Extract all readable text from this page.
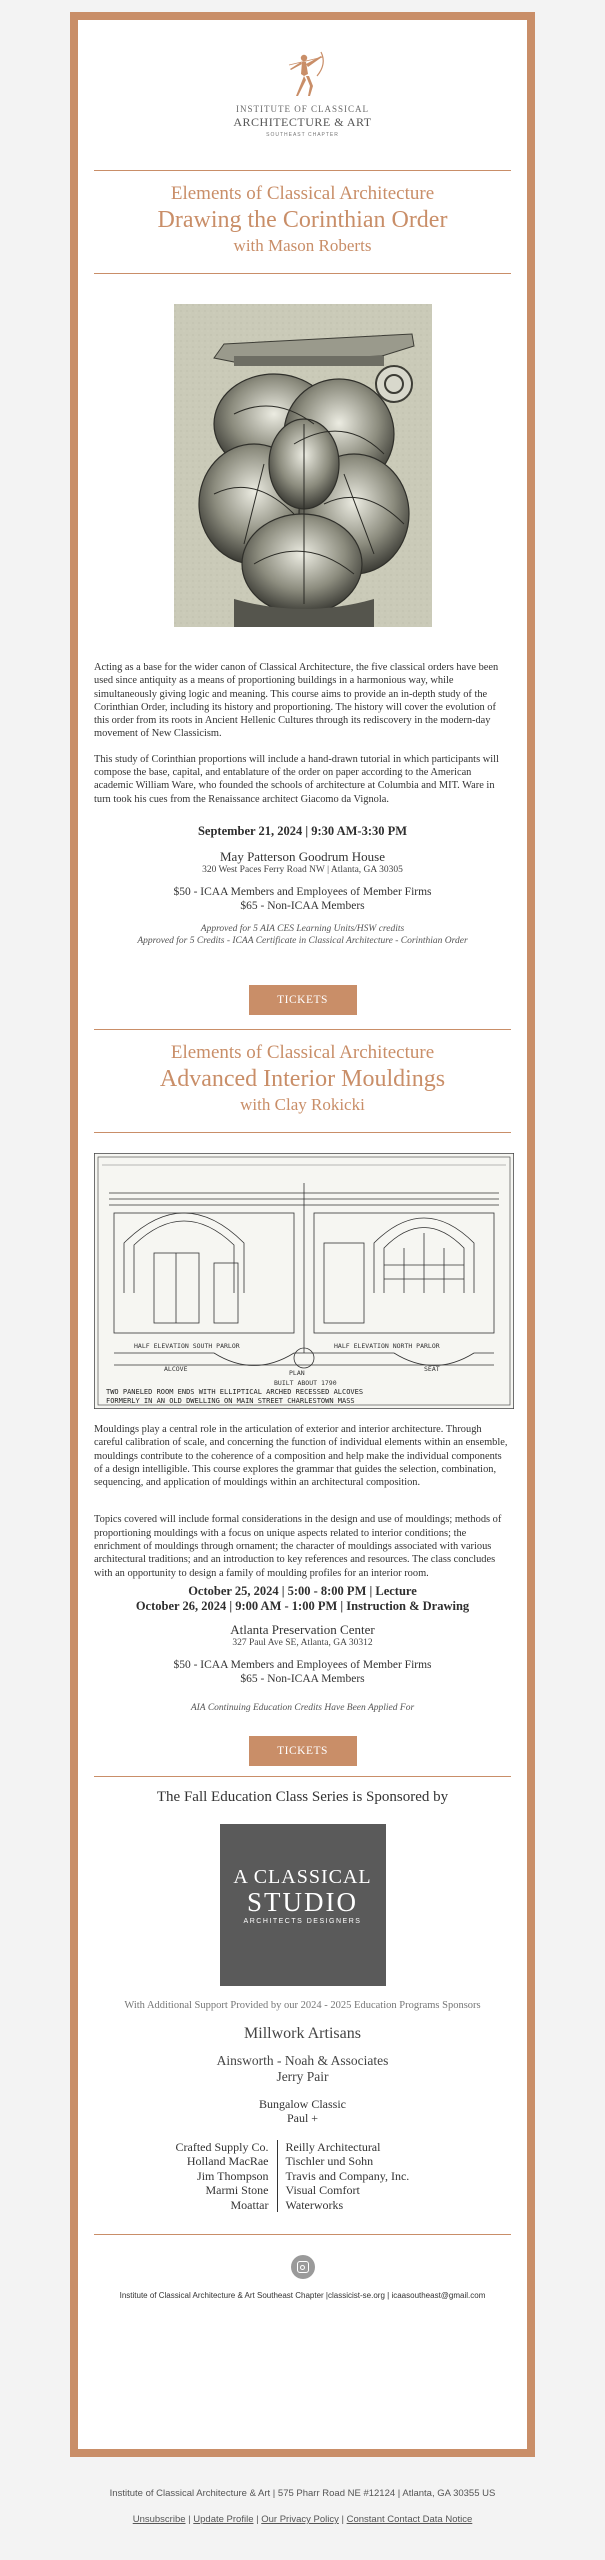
INSTITUTE OF CLASSICAL
ARCHITECTURE & ART
SOUTHEAST CHAPTER
Elements of Classical Architecture
Drawing the Corinthian Order
with Mason Roberts

Acting as a base for the wider canon of Classical Architecture, the five classical orders have been used since antiquity as a means of proportioning buildings in a harmonious way, while simultaneously giving logic and meaning. This course aims to provide an in-depth study of the Corinthian Order, including its history and proportioning. The history will cover the evolution of this order from its roots in Ancient Hellenic Cultures through its rediscovery in the modern-day movement of New Classicism.

This study of Corinthian proportions will include a hand-drawn tutorial in which participants will compose the base, capital, and entablature of the order on paper according to the American academic William Ware, who founded the schools of architecture at Columbia and MIT. Ware in turn took his cues from the Renaissance architect Giacomo da Vignola.

September 21, 2024 | 9:30 AM-3:30 PM
May Patterson Goodrum House
320 West Paces Ferry Road NW | Atlanta, GA 30305
$50 - ICAA Members and Employees of Member Firms
$65 - Non-ICAA Members
Approved for 5 AIA CES Learning Units/HSW credits
Approved for 5 Credits - ICAA Certificate in Classical Architecture - Corinthian Order
TICKETS
Elements of Classical Architecture
Advanced Interior Mouldings
with Clay Rokicki
HALF ELEVATION SOUTH PARLOR	HALF ELEVATION NORTH PARLOR
PLAN
ALCOVE	SEAT
BUILT ABOUT 1790
TWO PANELED ROOM ENDS WITH ELLIPTICAL ARCHED RECESSED ALCOVES
FORMERLY IN AN OLD DWELLING ON MAIN STREET CHARLESTOWN MASS

Mouldings play a central role in the articulation of exterior and interior architecture. Through careful calibration of scale, and concerning the function of individual elements within an ensemble, mouldings contribute to the coherence of a composition and help make the individual components of a design intelligible. This course explores the grammar that guides the selection, combination, sequencing, and application of mouldings within an architectural composition.

Topics covered will include formal considerations in the design and use of mouldings; methods of proportioning mouldings with a focus on unique aspects related to interior conditions; the enrichment of mouldings through ornament; the character of mouldings associated with various architectural traditions; and an introduction to key references and resources. The class concludes with an opportunity to design a family of moulding profiles for an interior room.

October 25, 2024 | 5:00 - 8:00 PM | Lecture
October 26, 2024 | 9:00 AM - 1:00 PM | Instruction & Drawing
Atlanta Preservation Center
327 Paul Ave SE, Atlanta, GA 30312
$50 - ICAA Members and Employees of Member Firms
$65 - Non-ICAA Members
AIA Continuing Education Credits Have Been Applied For
TICKETS
The Fall Education Class Series is Sponsored by
A CLASSICAL
STUDIO
ARCHITECTS DESIGNERS
With Additional Support Provided by our 2024 - 2025 Education Programs Sponsors
Millwork Artisans
Ainsworth - Noah & Associates
Jerry Pair
Bungalow Classic
Paul +
Crafted Supply Co.
Holland MacRae
Jim Thompson
Marmi Stone
Moattar
Reilly Architectural
Tischler und Sohn
Travis and Company, Inc.
Visual Comfort
Waterworks
Institute of Classical Architecture & Art Southeast Chapter |classicist-se.org | icaasoutheast@gmail.com
Institute of Classical Architecture & Art | 575 Pharr Road NE #12124 | Atlanta, GA 30355 US
Unsubscribe | Update Profile | Our Privacy Policy | Constant Contact Data Notice
